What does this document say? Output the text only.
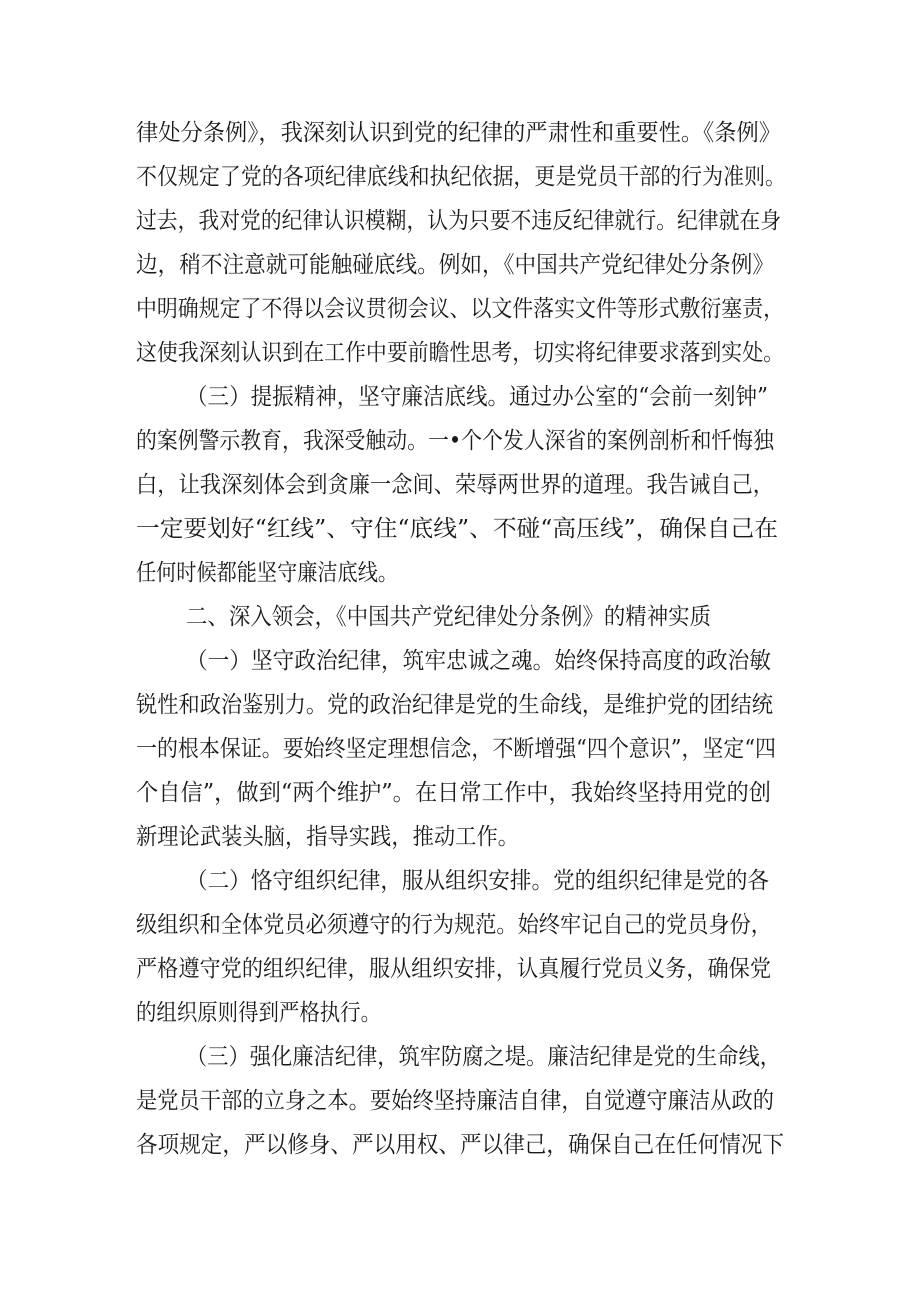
律处分条例》，我深刻认识到党的纪律的严肃性和重要性。《条例》
不仅规定了党的各项纪律底线和执纪依据，更是党员干部的行为准则。
过去，我对党的纪律认识模糊，认为只要不违反纪律就行。纪律就在身
边，稍不注意就可能触碰底线。例如，《中国共产党纪律处分条例》
中明确规定了不得以会议贯彻会议、以文件落实文件等形式敷衍塞责，
这使我深刻认识到在工作中要前瞻性思考，切实将纪律要求落到实处。
（三）提振精神，坚守廉洁底线。通过办公室的“会前一刻钟”
的案例警示教育，我深受触动。一•个个发人深省的案例剖析和忏悔独
白，让我深刻体会到贪廉一念间、荣辱两世界的道理。我告诫自己，
一定要划好“红线”、守住“底线”、不碰“高压线”，确保自己在
任何时候都能坚守廉洁底线。
二、深入领会，《中国共产党纪律处分条例》的精神实质
（一）坚守政治纪律，筑牢忠诚之魂。始终保持高度的政治敏
锐性和政治鉴别力。党的政治纪律是党的生命线，是维护党的团结统
一的根本保证。要始终坚定理想信念，不断增强“四个意识”，坚定“四
个自信”，做到“两个维护”。在日常工作中，我始终坚持用党的创
新理论武装头脑，指导实践，推动工作。
（二）恪守组织纪律，服从组织安排。党的组织纪律是党的各
级组织和全体党员必须遵守的行为规范。始终牢记自己的党员身份，
严格遵守党的组织纪律，服从组织安排，认真履行党员义务，确保党
的组织原则得到严格执行。
（三）强化廉洁纪律，筑牢防腐之堤。廉洁纪律是党的生命线，
是党员干部的立身之本。要始终坚持廉洁自律，自觉遵守廉洁从政的
各项规定，严以修身、严以用权、严以律己，确保自己在任何情况下
